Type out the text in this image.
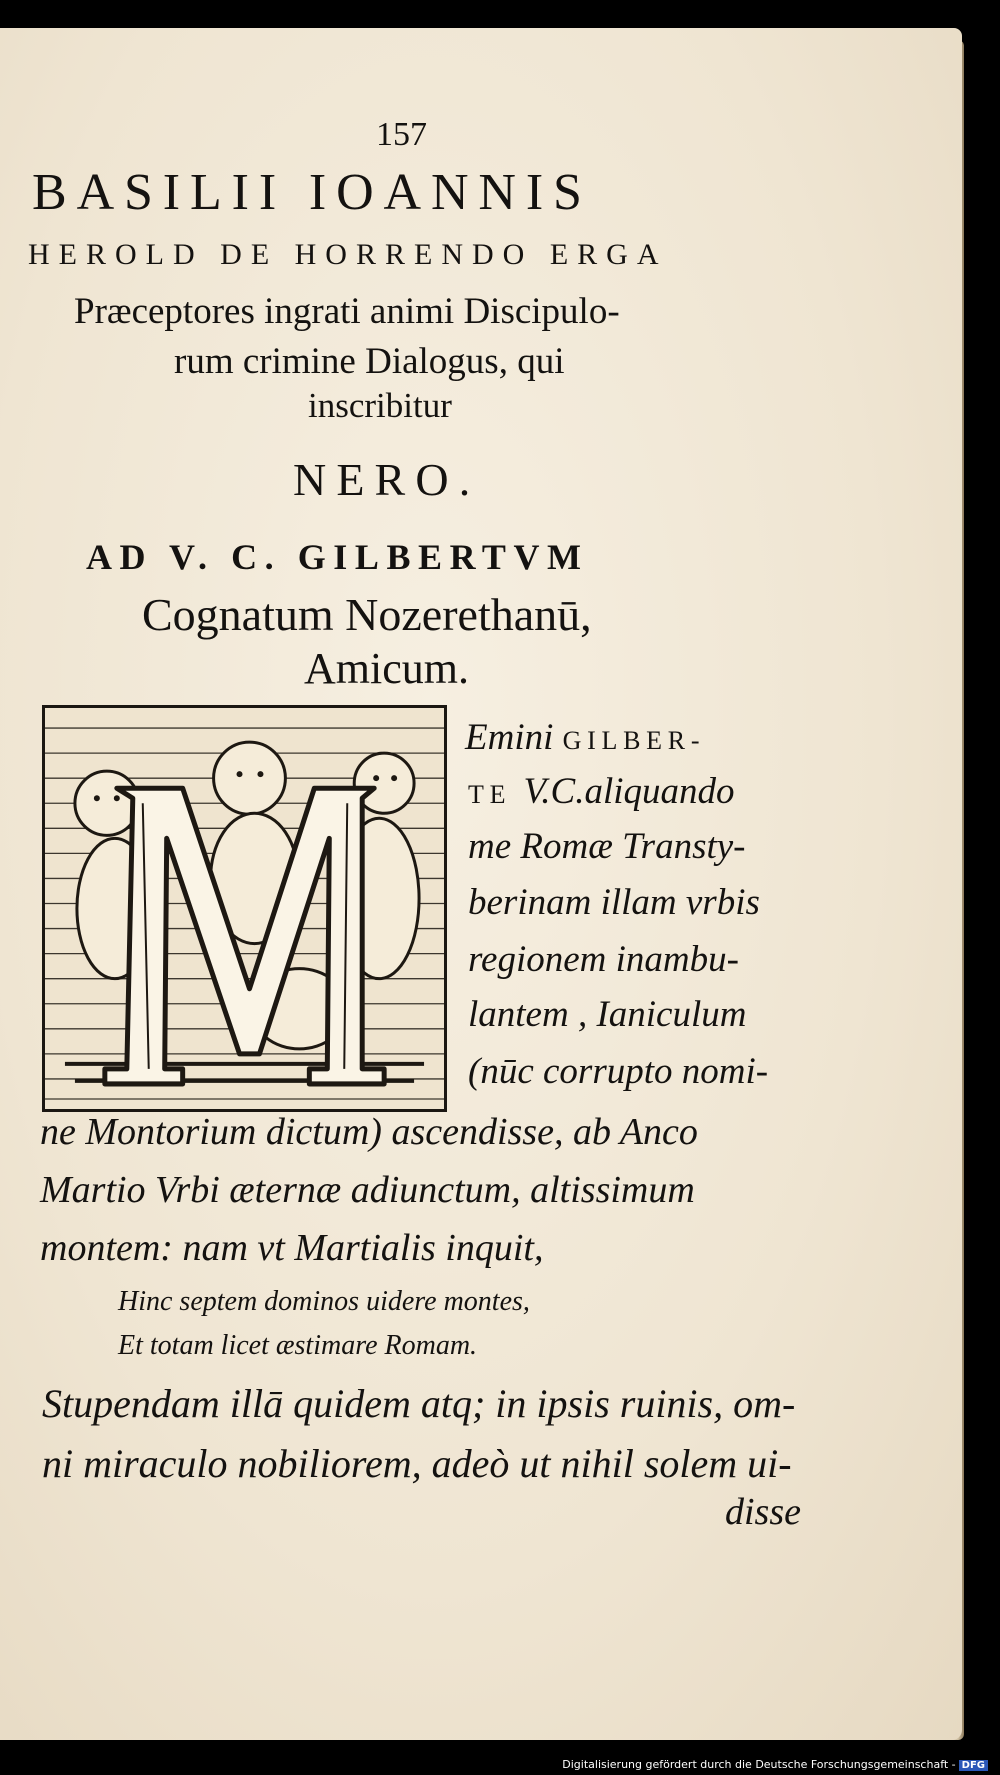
157
BASILII IOANNIS
HEROLD DE HORRENDO ERGA
Præceptores ingrati animi Discipulo-
rum crimine Dialogus, qui
inscribitur
NERO.
AD V. C. GILBERTVM
Cognatum Nozerethanū,
Amicum.
Emini GILBER-
TE V.C.aliquando
me Romæ Transty-
berinam illam vrbis
regionem inambu-
lantem , Ianiculum
(nūc corrupto nomi-
ne Montorium dictum) ascendisse, ab Anco
Martio Vrbi æternæ adiunctum, altissimum
montem: nam vt Martialis inquit,
Hinc septem dominos uidere montes,
Et totam licet æstimare Romam.
Stupendam illā quidem atq; in ipsis ruinis, om-
ni miraculo nobiliorem, adeò ut nihil solem ui-
disse
Digitalisierung gefördert durch die Deutsche Forschungsgemeinschaft - DFG
